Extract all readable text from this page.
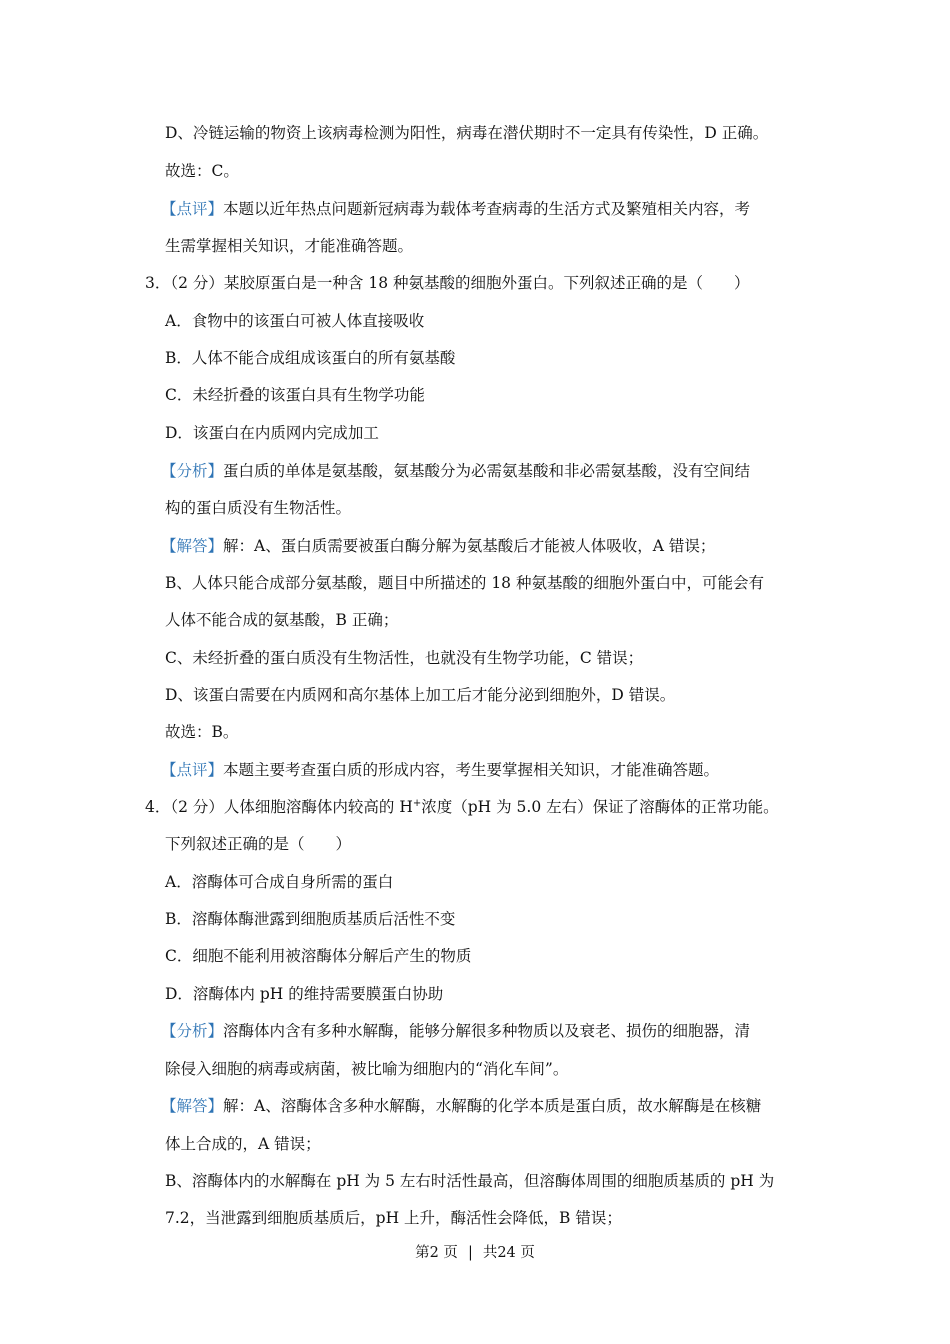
D、冷链运输的物资上该病毒检测为阳性，病毒在潜伏期时不一定具有传染性，D 正确。
故选：C。
【点评】本题以近年热点问题新冠病毒为载体考查病毒的生活方式及繁殖相关内容，考
生需掌握相关知识，才能准确答题。
3．（2 分）某胶原蛋白是一种含 18 种氨基酸的细胞外蛋白。下列叙述正确的是（　　）
A．食物中的该蛋白可被人体直接吸收
B．人体不能合成组成该蛋白的所有氨基酸
C．未经折叠的该蛋白具有生物学功能
D．该蛋白在内质网内完成加工
【分析】蛋白质的单体是氨基酸，氨基酸分为必需氨基酸和非必需氨基酸，没有空间结
构的蛋白质没有生物活性。
【解答】解：A、蛋白质需要被蛋白酶分解为氨基酸后才能被人体吸收，A 错误；
B、人体只能合成部分氨基酸，题目中所描述的 18 种氨基酸的细胞外蛋白中，可能会有
人体不能合成的氨基酸，B 正确；
C、未经折叠的蛋白质没有生物活性，也就没有生物学功能，C 错误；
D、该蛋白需要在内质网和高尔基体上加工后才能分泌到细胞外，D 错误。
故选：B。
【点评】本题主要考查蛋白质的形成内容，考生要掌握相关知识，才能准确答题。
4．（2 分）人体细胞溶酶体内较高的 H+浓度（pH 为 5.0 左右）保证了溶酶体的正常功能。
下列叙述正确的是（　　）
A．溶酶体可合成自身所需的蛋白
B．溶酶体酶泄露到细胞质基质后活性不变
C．细胞不能利用被溶酶体分解后产生的物质
D．溶酶体内 pH 的维持需要膜蛋白协助
【分析】溶酶体内含有多种水解酶，能够分解很多种物质以及衰老、损伤的细胞器，清
除侵入细胞的病毒或病菌，被比喻为细胞内的“消化车间”。
【解答】解：A、溶酶体含多种水解酶，水解酶的化学本质是蛋白质，故水解酶是在核糖
体上合成的，A 错误；
B、溶酶体内的水解酶在 pH 为 5 左右时活性最高，但溶酶体周围的细胞质基质的 pH 为
7.2，当泄露到细胞质基质后，pH 上升，酶活性会降低，B 错误；
第2 页 | 共24 页
